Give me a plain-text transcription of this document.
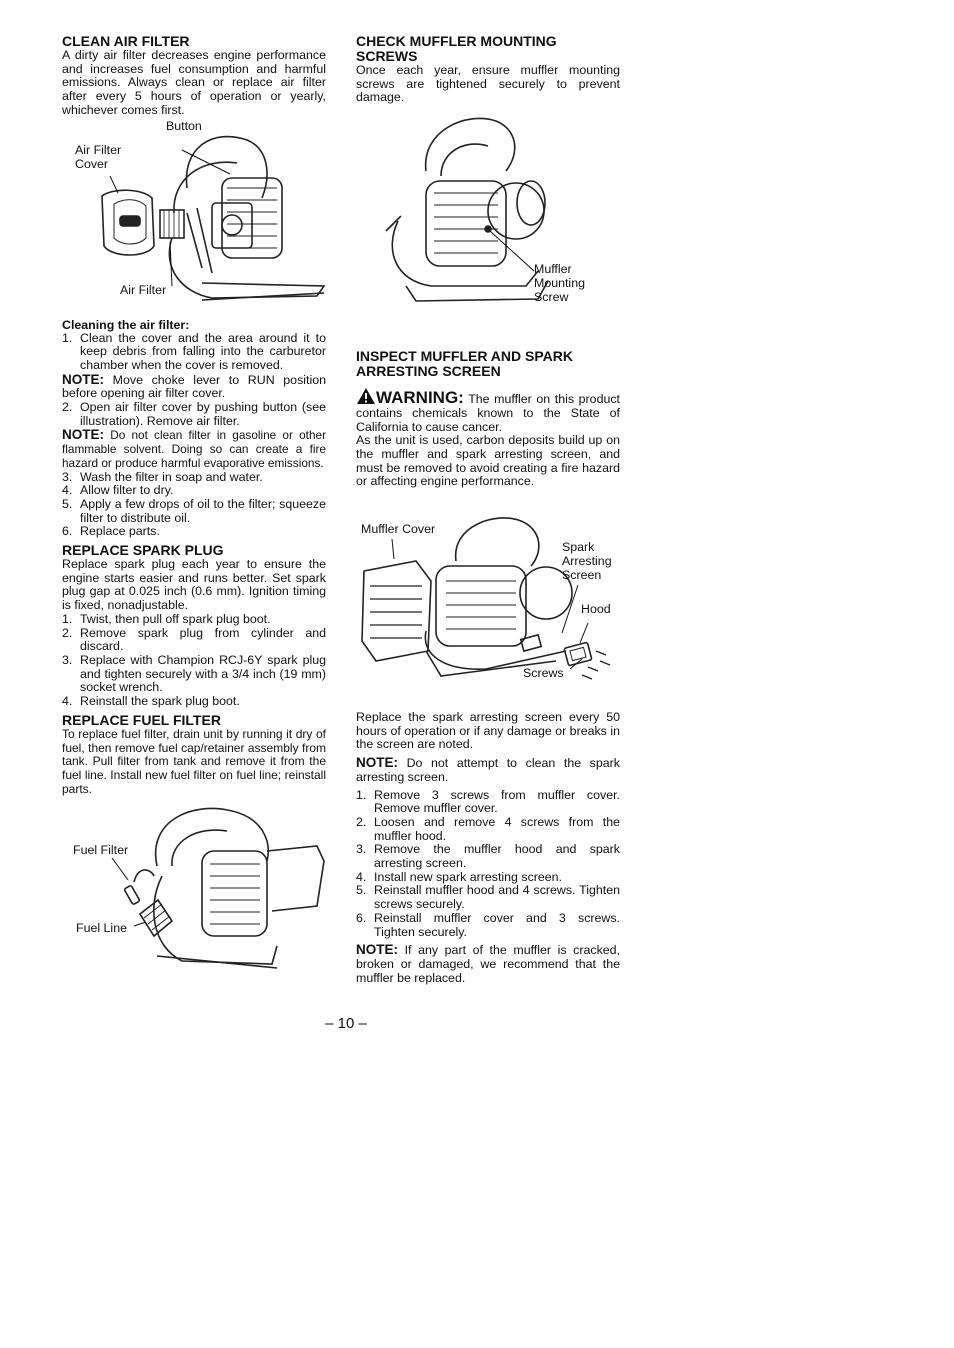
CLEAN AIR FILTER

A dirty air filter decreases engine performance and increases fuel consumption and harmful emissions. Always clean or replace air filter after every 5 hours of operation or yearly, whichever comes first.

Button
Air Filter
Cover
Air Filter
Cleaning the air filter:
1. Clean the cover and the area around it to keep debris from falling into the carburetor chamber when the cover is removed.

NOTE: Move choke lever to RUN position before opening air filter cover.

2. Open air filter cover by pushing button (see illustration). Remove air filter.

NOTE: Do not clean filter in gasoline or other flammable solvent. Doing so can create a fire hazard or produce harmful evaporative emissions.

3. Wash the filter in soap and water.
4. Allow filter to dry.
5. Apply a few drops of oil to the filter; squeeze filter to distribute oil.
6. Replace parts.
REPLACE SPARK PLUG

Replace spark plug each year to ensure the engine starts easier and runs better. Set spark plug gap at 0.025 inch (0.6 mm). Ignition timing is fixed, nonadjustable.

1. Twist, then pull off spark plug boot.
2. Remove spark plug from cylinder and discard.
3. Replace with Champion RCJ-6Y spark plug and tighten securely with a 3/4 inch (19 mm) socket wrench.
4. Reinstall the spark plug boot.
REPLACE FUEL FILTER

To replace fuel filter, drain unit by running it dry of fuel, then remove fuel cap/retainer assembly from tank. Pull filter from tank and remove it from the fuel line. Install new fuel filter on fuel line; reinstall parts.

Fuel Filter
Fuel Line
CHECK MUFFLER MOUNTING SCREWS

Once each year, ensure muffler mounting screws are tightened securely to prevent damage.

Muffler
Mounting
Screw
INSPECT MUFFLER AND SPARK ARRESTING SCREEN

WARNING: The muffler on this product contains chemicals known to the State of California to cause cancer.

As the unit is used, carbon deposits build up on the muffler and spark arresting screen, and must be removed to avoid creating a fire hazard or affecting engine performance.

Muffler Cover
Spark
Arresting
Screen
Hood
Screws

Replace the spark arresting screen every 50 hours of operation or if any damage or breaks in the screen are noted.

NOTE: Do not attempt to clean the spark arresting screen.

1. Remove 3 screws from muffler cover. Remove muffler cover.
2. Loosen and remove 4 screws from the muffler hood.
3. Remove the muffler hood and spark arresting screen.
4. Install new spark arresting screen.
5. Reinstall muffler hood and 4 screws. Tighten screws securely.
6. Reinstall muffler cover and 3 screws. Tighten securely.

NOTE: If any part of the muffler is cracked, broken or damaged, we recommend that the muffler be replaced.

– 10 –
